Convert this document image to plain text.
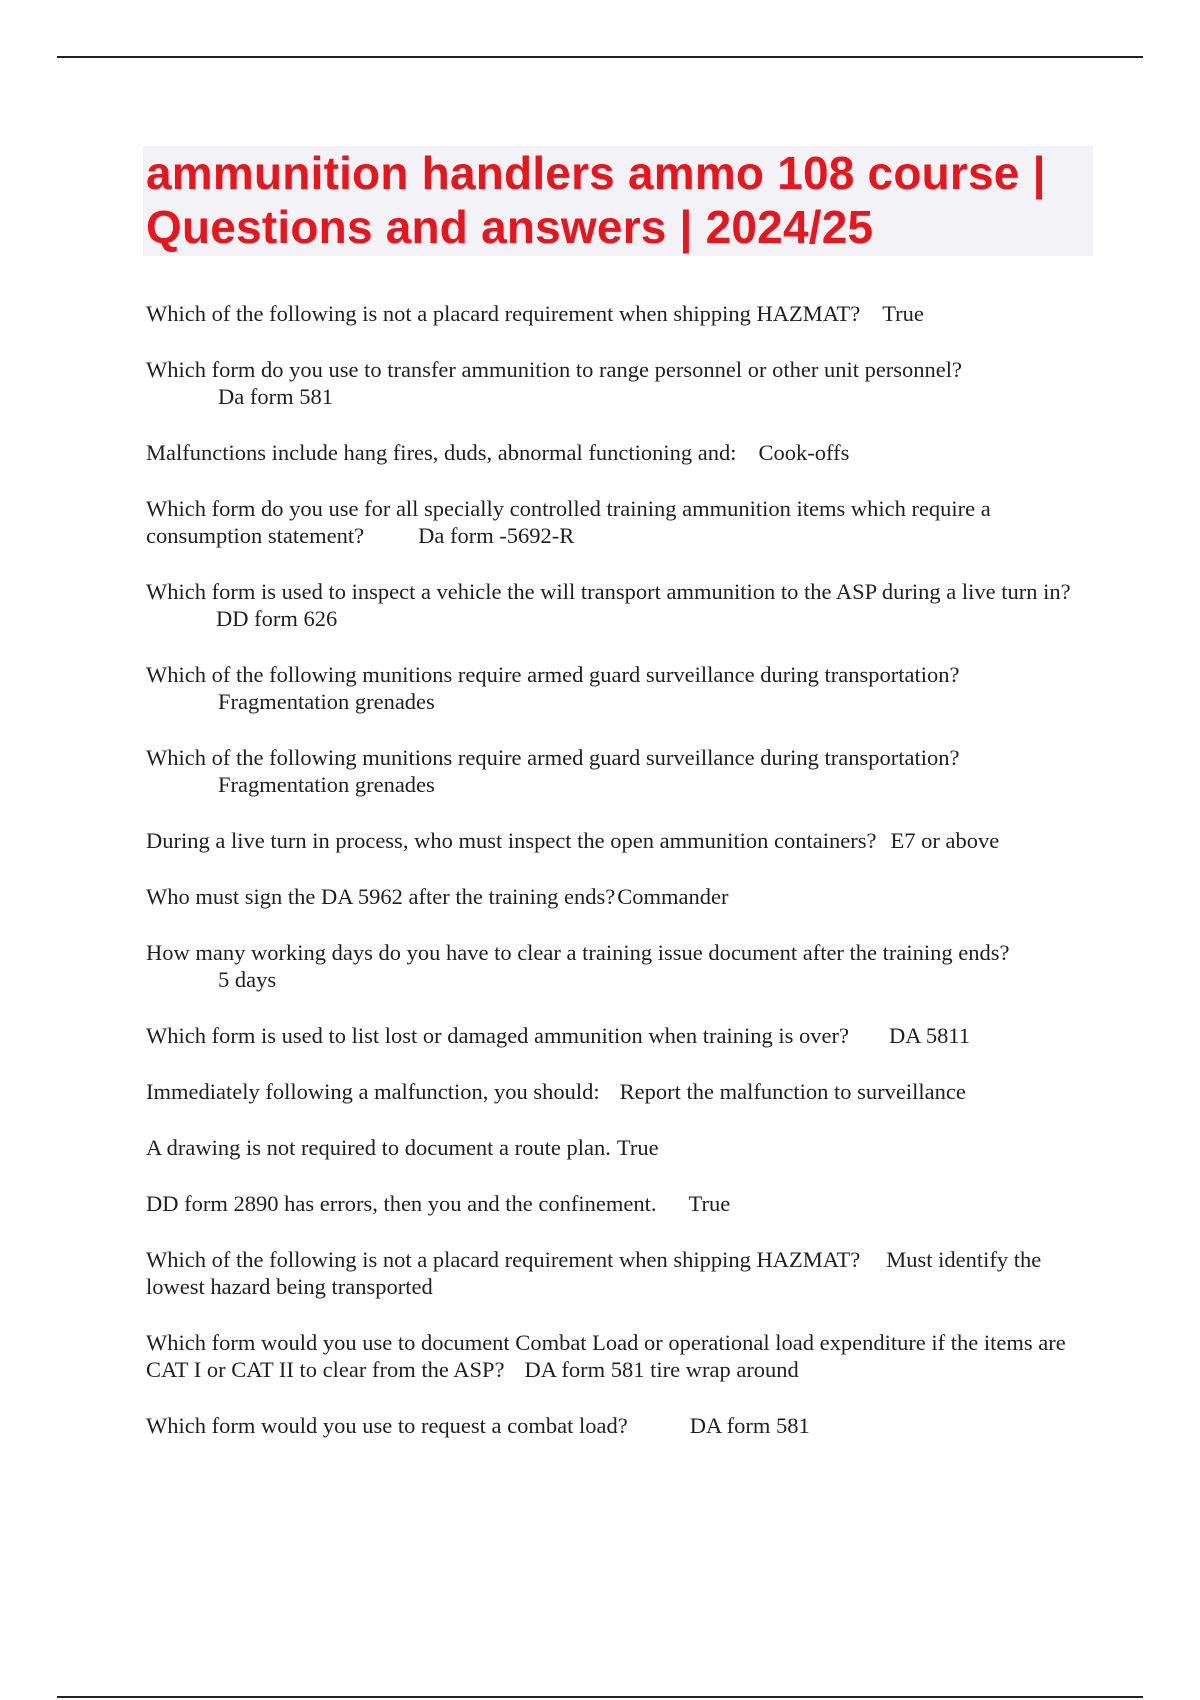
ammunition handlers ammo 108 course |
Questions and answers | 2024/25

Which of the following is not a placard requirement when shipping HAZMAT? True

Which form do you use to transfer ammunition to range personnel or other unit personnel?
Da form 581

Malfunctions include hang fires, duds, abnormal functioning and: Cook-offs

Which form do you use for all specially controlled training ammunition items which require a consumption statement? Da form -5692-R

Which form is used to inspect a vehicle the will transport ammunition to the ASP during a live turn in?DD form 626

Which of the following munitions require armed guard surveillance during transportation?
Fragmentation grenades

Which of the following munitions require armed guard surveillance during transportation?
Fragmentation grenades

During a live turn in process, who must inspect the open ammunition containers? E7 or above

Who must sign the DA 5962 after the training ends?Commander

How many working days do you have to clear a training issue document after the training ends?
5 days

Which form is used to list lost or damaged ammunition when training is over? DA 5811

Immediately following a malfunction, you should: Report the malfunction to surveillance

A drawing is not required to document a route plan. True

DD form 2890 has errors, then you and the confinement. True

Which of the following is not a placard requirement when shipping HAZMAT? Must identify the lowest hazard being transported

Which form would you use to document Combat Load or operational load expenditure if the items are CAT I or CAT II to clear from the ASP? DA form 581 tire wrap around

Which form would you use to request a combat load?	DA form 581
